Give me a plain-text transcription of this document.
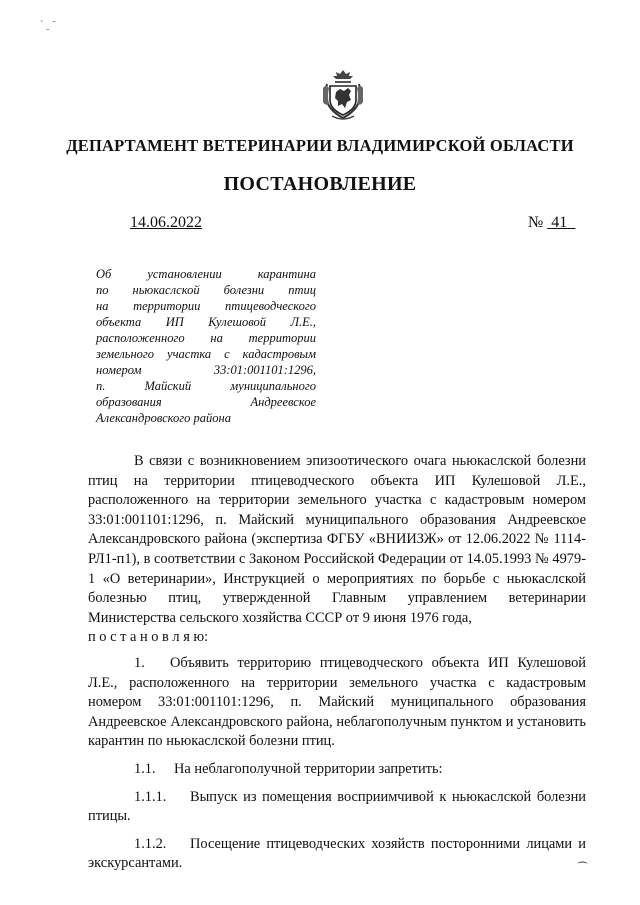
` ˍ ˉ
ДЕПАРТАМЕНТ ВЕТЕРИНАРИИ ВЛАДИМИРСКОЙ ОБЛАСТИ
ПОСТАНОВЛЕНИЕ
14.06.2022	№ 41_
Об установлении карантина
по ньюкаслской болезни птиц
на территории птицеводческого
объекта ИП Кулешовой Л.Е.,
расположенного на территории
земельного участка с кадастровым
номером 33:01:001101:1296,
п. Майский муниципального
образования Андреевское
Александровского района

В связи с возникновением эпизоотического очага ньюкаслской болезни птиц на территории птицеводческого объекта ИП Кулешовой Л.Е., расположенного на территории земельного участка с кадастровым номером 33:01:001101:1296, п. Майский муниципального образования Андреевское Александровского района (экспертиза ФГБУ «ВНИИЗЖ» от 12.06.2022 № 1114-РЛ1-п1), в соответствии с Законом Российской Федерации от 14.05.1993 № 4979-1 «О ветеринарии», Инструкцией о мероприятиях по борьбе с ньюкаслской болезнью птиц, утвержденной Главным управлением ветеринарии Министерства сельского хозяйства СССР от 9 июня 1976 года,

п о с т а н о в л я ю:

1. Объявить территорию птицеводческого объекта ИП Кулешовой Л.Е., расположенного на территории земельного участка с кадастровым номером 33:01:001101:1296, п. Майский муниципального образования Андреевское Александровского района, неблагополучным пунктом и установить карантин по ньюкаслской болезни птиц.

1.1. На неблагополучной территории запретить:

1.1.1. Выпуск из помещения восприимчивой к ньюкаслской болезни птицы.

1.1.2. Посещение птицеводческих хозяйств посторонними лицами и экскурсантами.	⁀
